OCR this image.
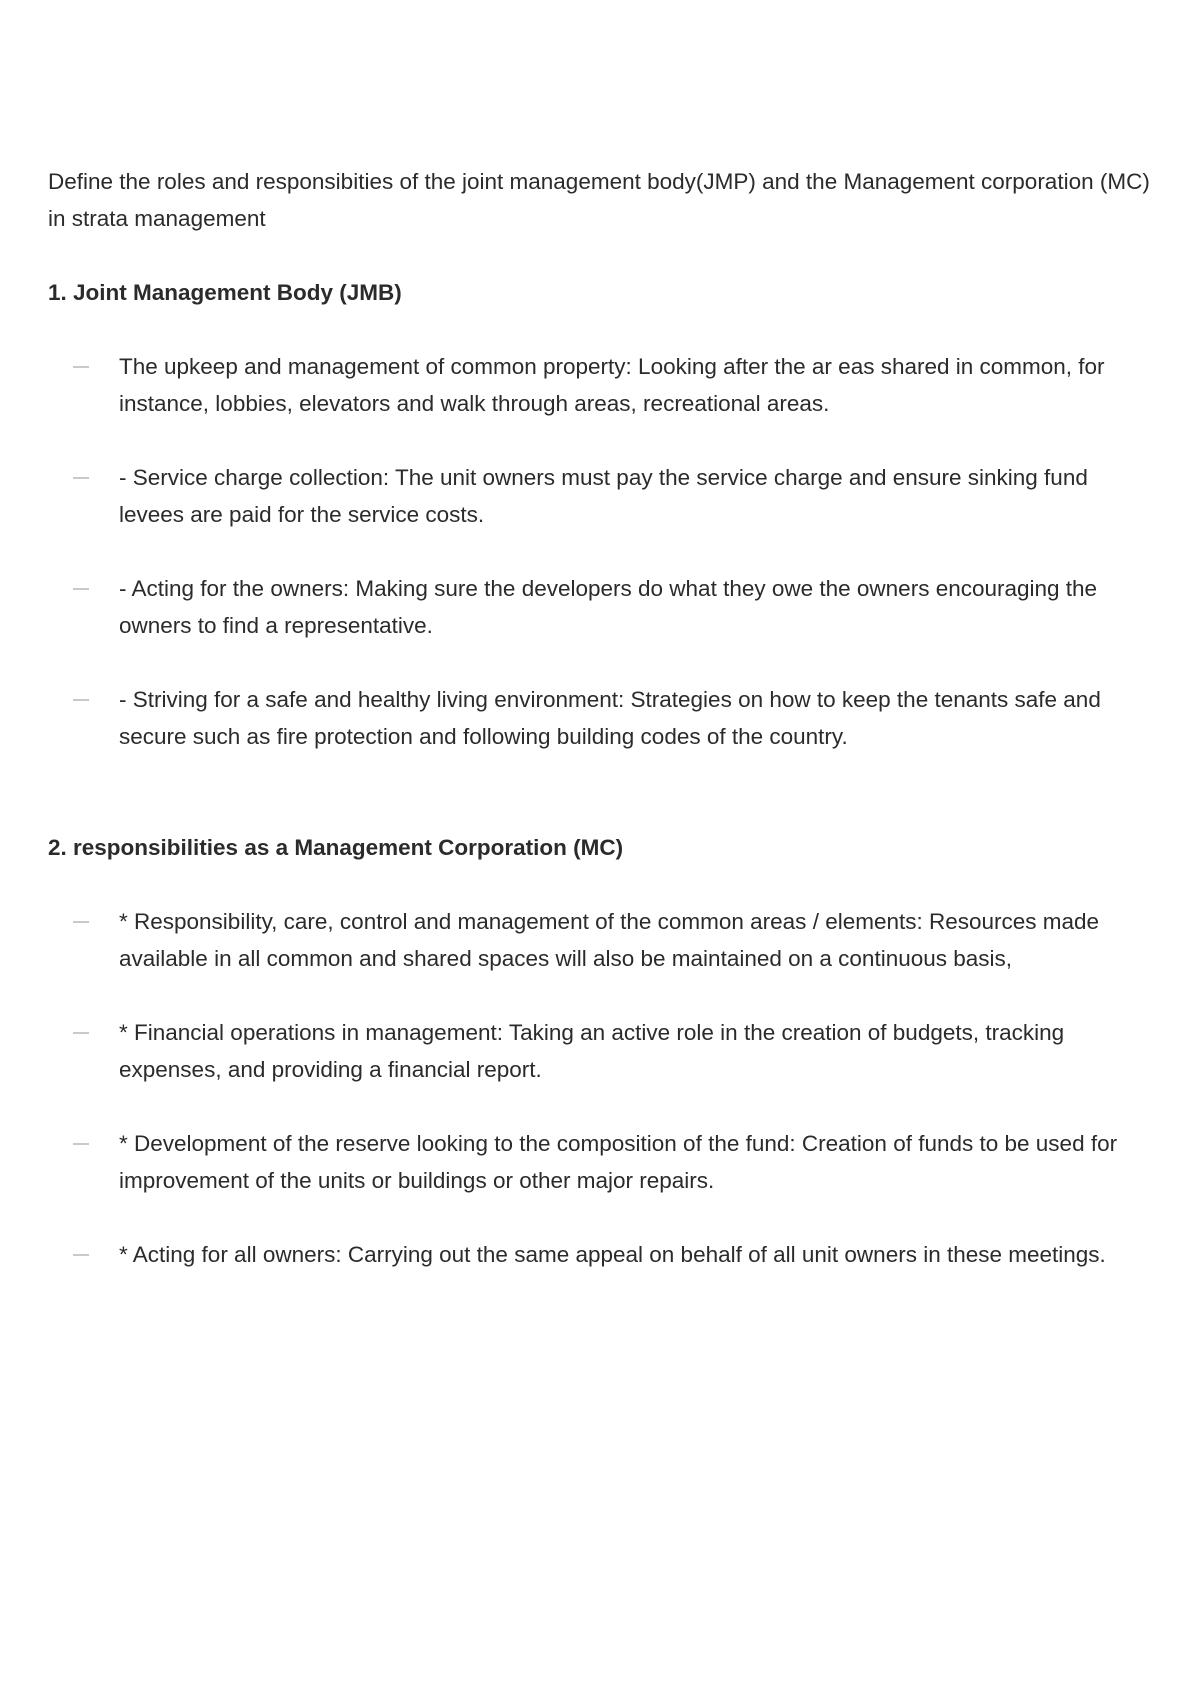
Define the roles and responsibities of the joint management body(JMP) and the Management corporation (MC) in strata management

1. Joint Management Body (JMB)
The upkeep and management of common property: Looking after the ar eas shared in common, for instance, lobbies, elevators and walk through areas, recreational areas.
- Service charge collection: The unit owners must pay the service charge and ensure sinking fund levees are paid for the service costs.
- Acting for the owners: Making sure the developers do what they owe the owners encouraging the owners to find a representative.
- Striving for a safe and healthy living environment: Strategies on how to keep the tenants safe and secure such as fire protection and following building codes of the country.
2. responsibilities as a Management Corporation (MC)
* Responsibility, care, control and management of the common areas / elements: Resources made available in all common and shared spaces will also be maintained on a continuous basis,
* Financial operations in management: Taking an active role in the creation of budgets, tracking expenses, and providing a financial report.
* Development of the reserve looking to the composition of the fund: Creation of funds to be used for improvement of the units or buildings or other major repairs.
* Acting for all owners: Carrying out the same appeal on behalf of all unit owners in these meetings.
